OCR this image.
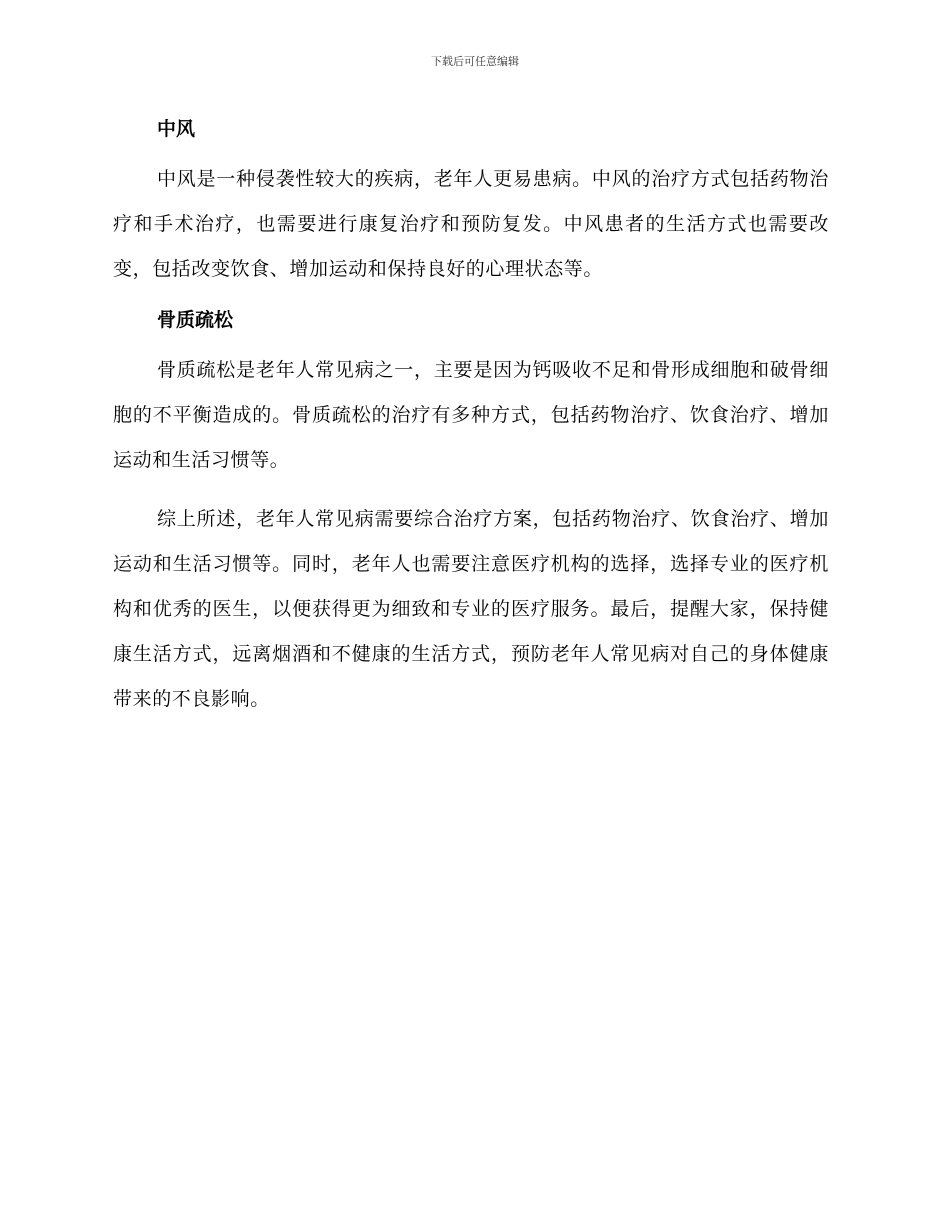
下载后可任意编辑
中风

中风是一种侵袭性较大的疾病，老年人更易患病。中风的治疗方式包括药物治疗和手术治疗，也需要进行康复治疗和预防复发。中风患者的生活方式也需要改变，包括改变饮食、增加运动和保持良好的心理状态等。

骨质疏松

骨质疏松是老年人常见病之一，主要是因为钙吸收不足和骨形成细胞和破骨细胞的不平衡造成的。骨质疏松的治疗有多种方式，包括药物治疗、饮食治疗、增加运动和生活习惯等。

综上所述，老年人常见病需要综合治疗方案，包括药物治疗、饮食治疗、增加运动和生活习惯等。同时，老年人也需要注意医疗机构的选择，选择专业的医疗机构和优秀的医生，以便获得更为细致和专业的医疗服务。最后，提醒大家，保持健康生活方式，远离烟酒和不健康的生活方式，预防老年人常见病对自己的身体健康带来的不良影响。
